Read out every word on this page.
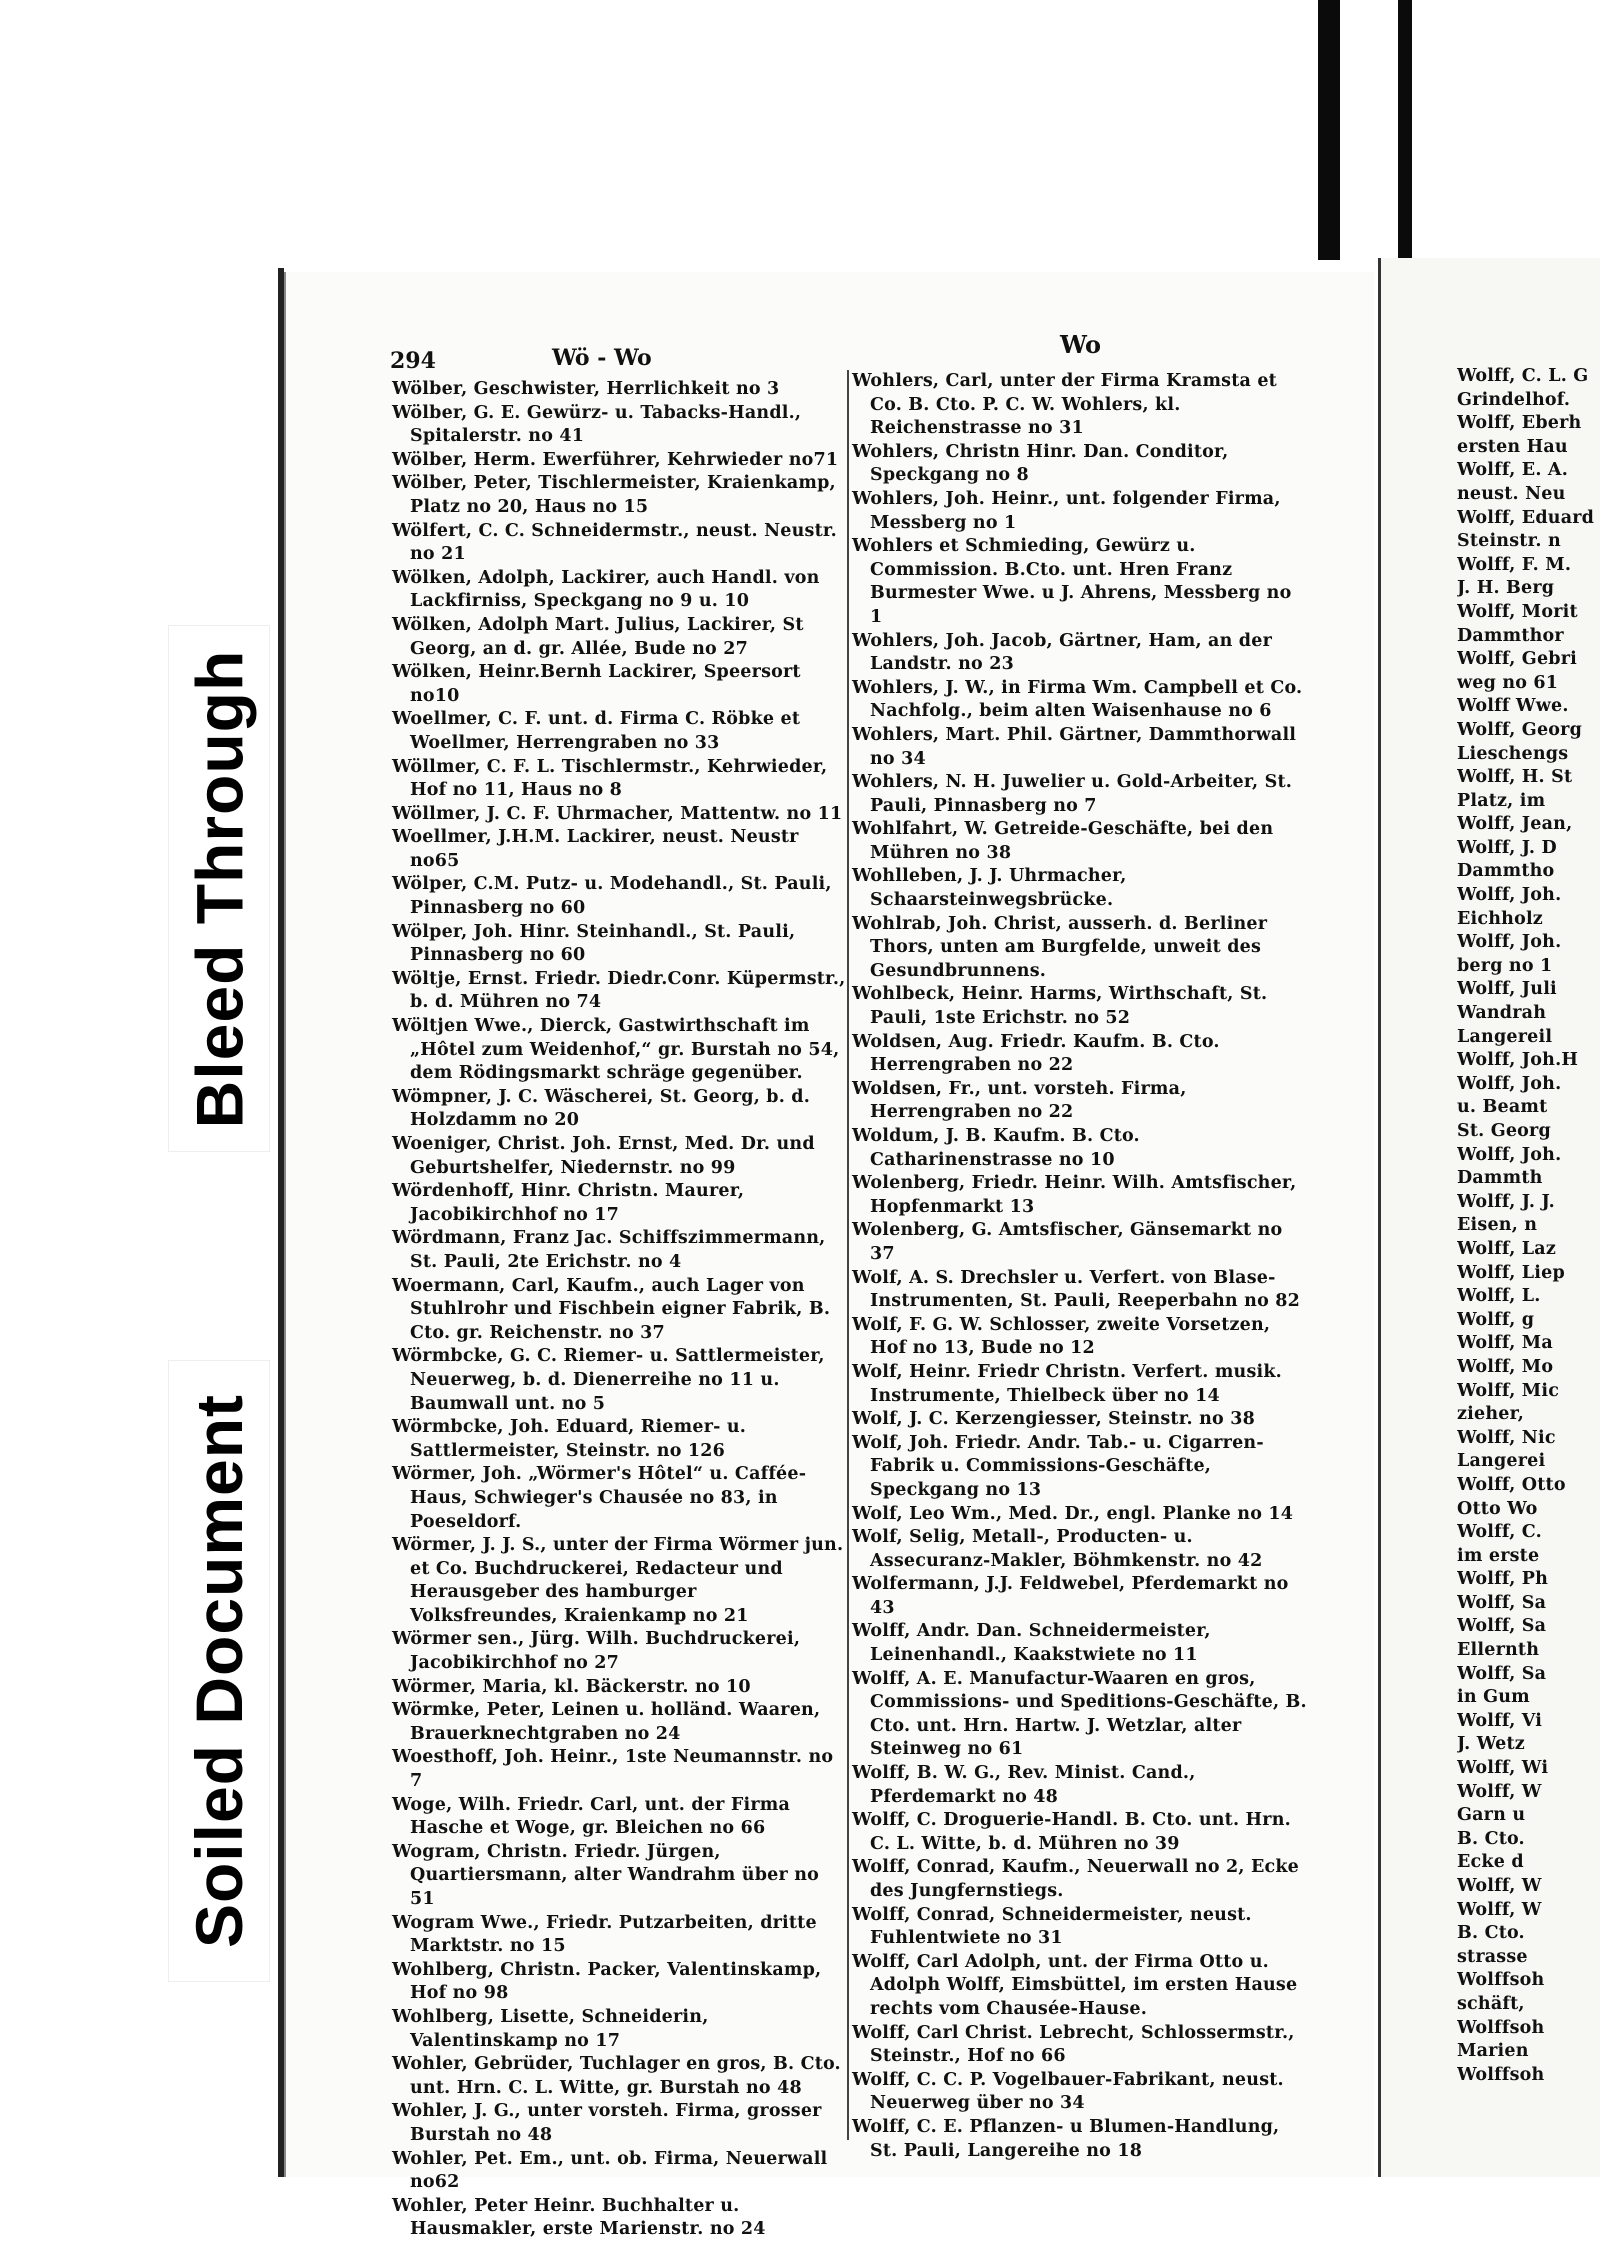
Bleed Through
Soiled Document
294	Wö - Wo	Wo
Wölber, Geschwister, Herrlichkeit no 3
Wölber, G. E. Gewürz- u. Tabacks-Handl., Spitalerstr. no 41
Wölber, Herm. Ewerführer, Kehrwieder no71
Wölber, Peter, Tischlermeister, Kraienkamp, Platz no 20, Haus no 15
Wölfert, C. C. Schneidermstr., neust. Neustr. no 21
Wölken, Adolph, Lackirer, auch Handl. von Lackfirniss, Speckgang no 9 u. 10
Wölken, Adolph Mart. Julius, Lackirer, St Georg, an d. gr. Allée, Bude no 27
Wölken, Heinr.Bernh Lackirer, Speersort no10
Woellmer, C. F. unt. d. Firma C. Röbke et Woellmer, Herrengraben no 33
Wöllmer, C. F. L. Tischlermstr., Kehrwieder, Hof no 11, Haus no 8
Wöllmer, J. C. F. Uhrmacher, Mattentw. no 11
Woellmer, J.H.M. Lackirer, neust. Neustr no65
Wölper, C.M. Putz- u. Modehandl., St. Pauli, Pinnasberg no 60
Wölper, Joh. Hinr. Steinhandl., St. Pauli, Pinnasberg no 60
Wöltje, Ernst. Friedr. Diedr.Conr. Küpermstr., b. d. Mühren no 74
Wöltjen Wwe., Dierck, Gastwirthschaft im „Hôtel zum Weidenhof,“ gr. Burstah no 54, dem Rödingsmarkt schräge gegenüber.
Wömpner, J. C. Wäscherei, St. Georg, b. d. Holzdamm no 20
Woeniger, Christ. Joh. Ernst, Med. Dr. und Geburtshelfer, Niedernstr. no 99
Wördenhoff, Hinr. Christn. Maurer, Jacobikirchhof no 17
Wördmann, Franz Jac. Schiffszimmermann, St. Pauli, 2te Erichstr. no 4
Woermann, Carl, Kaufm., auch Lager von Stuhlrohr und Fischbein eigner Fabrik, B. Cto. gr. Reichenstr. no 37
Wörmbcke, G. C. Riemer- u. Sattlermeister, Neuerweg, b. d. Dienerreihe no 11 u. Baumwall unt. no 5
Wörmbcke, Joh. Eduard, Riemer- u. Sattlermeister, Steinstr. no 126
Wörmer, Joh. „Wörmer's Hôtel“ u. Caffée-Haus, Schwieger's Chausée no 83, in Poeseldorf.
Wörmer, J. J. S., unter der Firma Wörmer jun. et Co. Buchdruckerei, Redacteur und Herausgeber des hamburger Volksfreundes, Kraienkamp no 21
Wörmer sen., Jürg. Wilh. Buchdruckerei, Jacobikirchhof no 27
Wörmer, Maria, kl. Bäckerstr. no 10
Wörmke, Peter, Leinen u. holländ. Waaren, Brauerknechtgraben no 24
Woesthoff, Joh. Heinr., 1ste Neumannstr. no 7
Woge, Wilh. Friedr. Carl, unt. der Firma Hasche et Woge, gr. Bleichen no 66
Wogram, Christn. Friedr. Jürgen, Quartiersmann, alter Wandrahm über no 51
Wogram Wwe., Friedr. Putzarbeiten, dritte Marktstr. no 15
Wohlberg, Christn. Packer, Valentinskamp, Hof no 98
Wohlberg, Lisette, Schneiderin, Valentinskamp no 17
Wohler, Gebrüder, Tuchlager en gros, B. Cto. unt. Hrn. C. L. Witte, gr. Burstah no 48
Wohler, J. G., unter vorsteh. Firma, grosser Burstah no 48
Wohler, Pet. Em., unt. ob. Firma, Neuerwall no62
Wohler, Peter Heinr. Buchhalter u. Hausmakler, erste Marienstr. no 24
Wohlers, Carl, unter der Firma Kramsta et Co. B. Cto. P. C. W. Wohlers, kl. Reichenstrasse no 31
Wohlers, Christn Hinr. Dan. Conditor, Speckgang no 8
Wohlers, Joh. Heinr., unt. folgender Firma, Messberg no 1
Wohlers et Schmieding, Gewürz u. Commission. B.Cto. unt. Hren Franz Burmester Wwe. u J. Ahrens, Messberg no 1
Wohlers, Joh. Jacob, Gärtner, Ham, an der Landstr. no 23
Wohlers, J. W., in Firma Wm. Campbell et Co. Nachfolg., beim alten Waisenhause no 6
Wohlers, Mart. Phil. Gärtner, Dammthorwall no 34
Wohlers, N. H. Juwelier u. Gold-Arbeiter, St. Pauli, Pinnasberg no 7
Wohlfahrt, W. Getreide-Geschäfte, bei den Mühren no 38
Wohlleben, J. J. Uhrmacher, Schaarsteinwegsbrücke.
Wohlrab, Joh. Christ, ausserh. d. Berliner Thors, unten am Burgfelde, unweit des Gesundbrunnens.
Wohlbeck, Heinr. Harms, Wirthschaft, St. Pauli, 1ste Erichstr. no 52
Woldsen, Aug. Friedr. Kaufm. B. Cto. Herrengraben no 22
Woldsen, Fr., unt. vorsteh. Firma, Herrengraben no 22
Woldum, J. B. Kaufm. B. Cto. Catharinenstrasse no 10
Wolenberg, Friedr. Heinr. Wilh. Amtsfischer, Hopfenmarkt 13
Wolenberg, G. Amtsfischer, Gänsemarkt no 37
Wolf, A. S. Drechsler u. Verfert. von Blase-Instrumenten, St. Pauli, Reeperbahn no 82
Wolf, F. G. W. Schlosser, zweite Vorsetzen, Hof no 13, Bude no 12
Wolf, Heinr. Friedr Christn. Verfert. musik. Instrumente, Thielbeck über no 14
Wolf, J. C. Kerzengiesser, Steinstr. no 38
Wolf, Joh. Friedr. Andr. Tab.- u. Cigarren-Fabrik u. Commissions-Geschäfte, Speckgang no 13
Wolf, Leo Wm., Med. Dr., engl. Planke no 14
Wolf, Selig, Metall-, Producten- u. Assecuranz-Makler, Böhmkenstr. no 42
Wolfermann, J.J. Feldwebel, Pferdemarkt no 43
Wolff, Andr. Dan. Schneidermeister, Leinenhandl., Kaakstwiete no 11
Wolff, A. E. Manufactur-Waaren en gros, Commissions- und Speditions-Geschäfte, B. Cto. unt. Hrn. Hartw. J. Wetzlar, alter Steinweg no 61
Wolff, B. W. G., Rev. Minist. Cand., Pferdemarkt no 48
Wolff, C. Droguerie-Handl. B. Cto. unt. Hrn. C. L. Witte, b. d. Mühren no 39
Wolff, Conrad, Kaufm., Neuerwall no 2, Ecke des Jungfernstiegs.
Wolff, Conrad, Schneidermeister, neust. Fuhlentwiete no 31
Wolff, Carl Adolph, unt. der Firma Otto u. Adolph Wolff, Eimsbüttel, im ersten Hause rechts vom Chausée-Hause.
Wolff, Carl Christ. Lebrecht, Schlossermstr., Steinstr., Hof no 66
Wolff, C. C. P. Vogelbauer-Fabrikant, neust. Neuerweg über no 34
Wolff, C. E. Pflanzen- u Blumen-Handlung, St. Pauli, Langereihe no 18
Wolff, C. L. G
Grindelhof.
Wolff, Eberh
ersten Hau
Wolff, E. A.
neust. Neu
Wolff, Eduard
Steinstr. n
Wolff, F. M.
J. H. Berg
Wolff, Morit
Dammthor
Wolff, Gebri
weg no 61
Wolff Wwe.
Wolff, Georg
Lieschengs
Wolff, H. St
Platz, im
Wolff, Jean,
Wolff, J. D
Dammtho
Wolff, Joh.
Eichholz
Wolff, Joh.
berg no 1
Wolff, Juli
Wandrah
Langereil
Wolff, Joh.H
Wolff, Joh.
u. Beamt
St. Georg
Wolff, Joh.
Dammth
Wolff, J. J.
Eisen, n
Wolff, Laz
Wolff, Liep
Wolff, L.
Wolff, g
Wolff, Ma
Wolff, Mo
Wolff, Mic
zieher,
Wolff, Nic
Langerei
Wolff, Otto
Otto Wo
Wolff, C.
im erste
Wolff, Ph
Wolff, Sa
Wolff, Sa
Ellernth
Wolff, Sa
in Gum
Wolff, Vi
J. Wetz
Wolff, Wi
Wolff, W
Garn u
B. Cto.
Ecke d
Wolff, W
Wolff, W
B. Cto.
strasse
Wolffsoh
schäft,
Wolffsoh
Marien
Wolffsoh
